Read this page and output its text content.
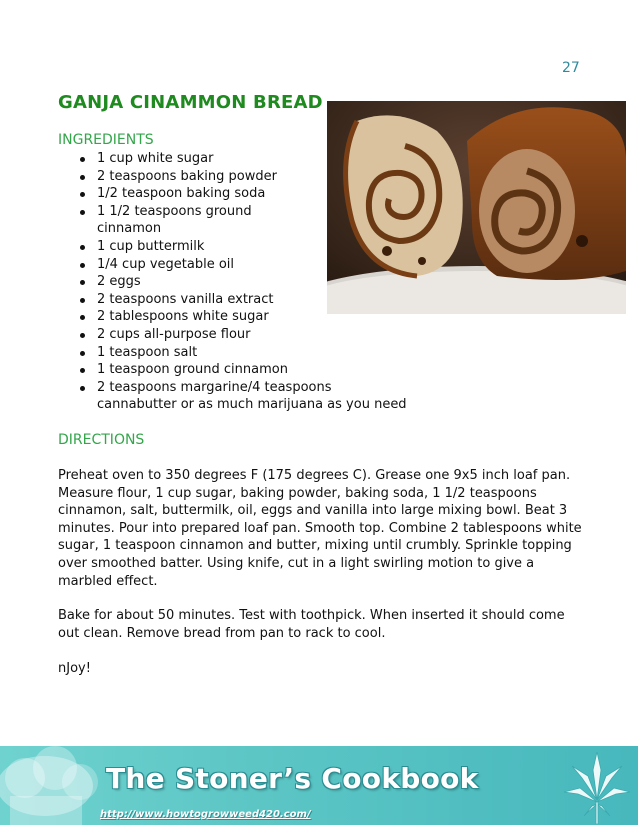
27
GANJA CINAMMON BREAD
INGREDIENTS
1 cup white sugar
2 teaspoons baking powder
1/2 teaspoon baking soda
1 1/2 teaspoons ground cinnamon
1 cup buttermilk
1/4 cup vegetable oil
2 eggs
2 teaspoons vanilla extract
2 tablespoons white sugar
2 cups all-purpose flour
1 teaspoon salt
1 teaspoon ground cinnamon
2 teaspoons margarine/4 teaspoons cannabutter or as much marijuana as you need
DIRECTIONS

Preheat oven to 350 degrees F (175 degrees C). Grease one 9x5 inch loaf pan. Measure flour, 1 cup sugar, baking powder, baking soda, 1 1/2 teaspoons cinnamon, salt, buttermilk, oil, eggs and vanilla into large mixing bowl. Beat 3 minutes. Pour into prepared loaf pan. Smooth top. Combine 2 tablespoons white sugar, 1 teaspoon cinnamon and butter, mixing until crumbly. Sprinkle topping over smoothed batter. Using knife, cut in a light swirling motion to give a marbled effect.

Bake for about 50 minutes. Test with toothpick. When inserted it should come out clean. Remove bread from pan to rack to cool.

nJoy!

The Stoner’s Cookbook
http://www.howtogrowweed420.com/
